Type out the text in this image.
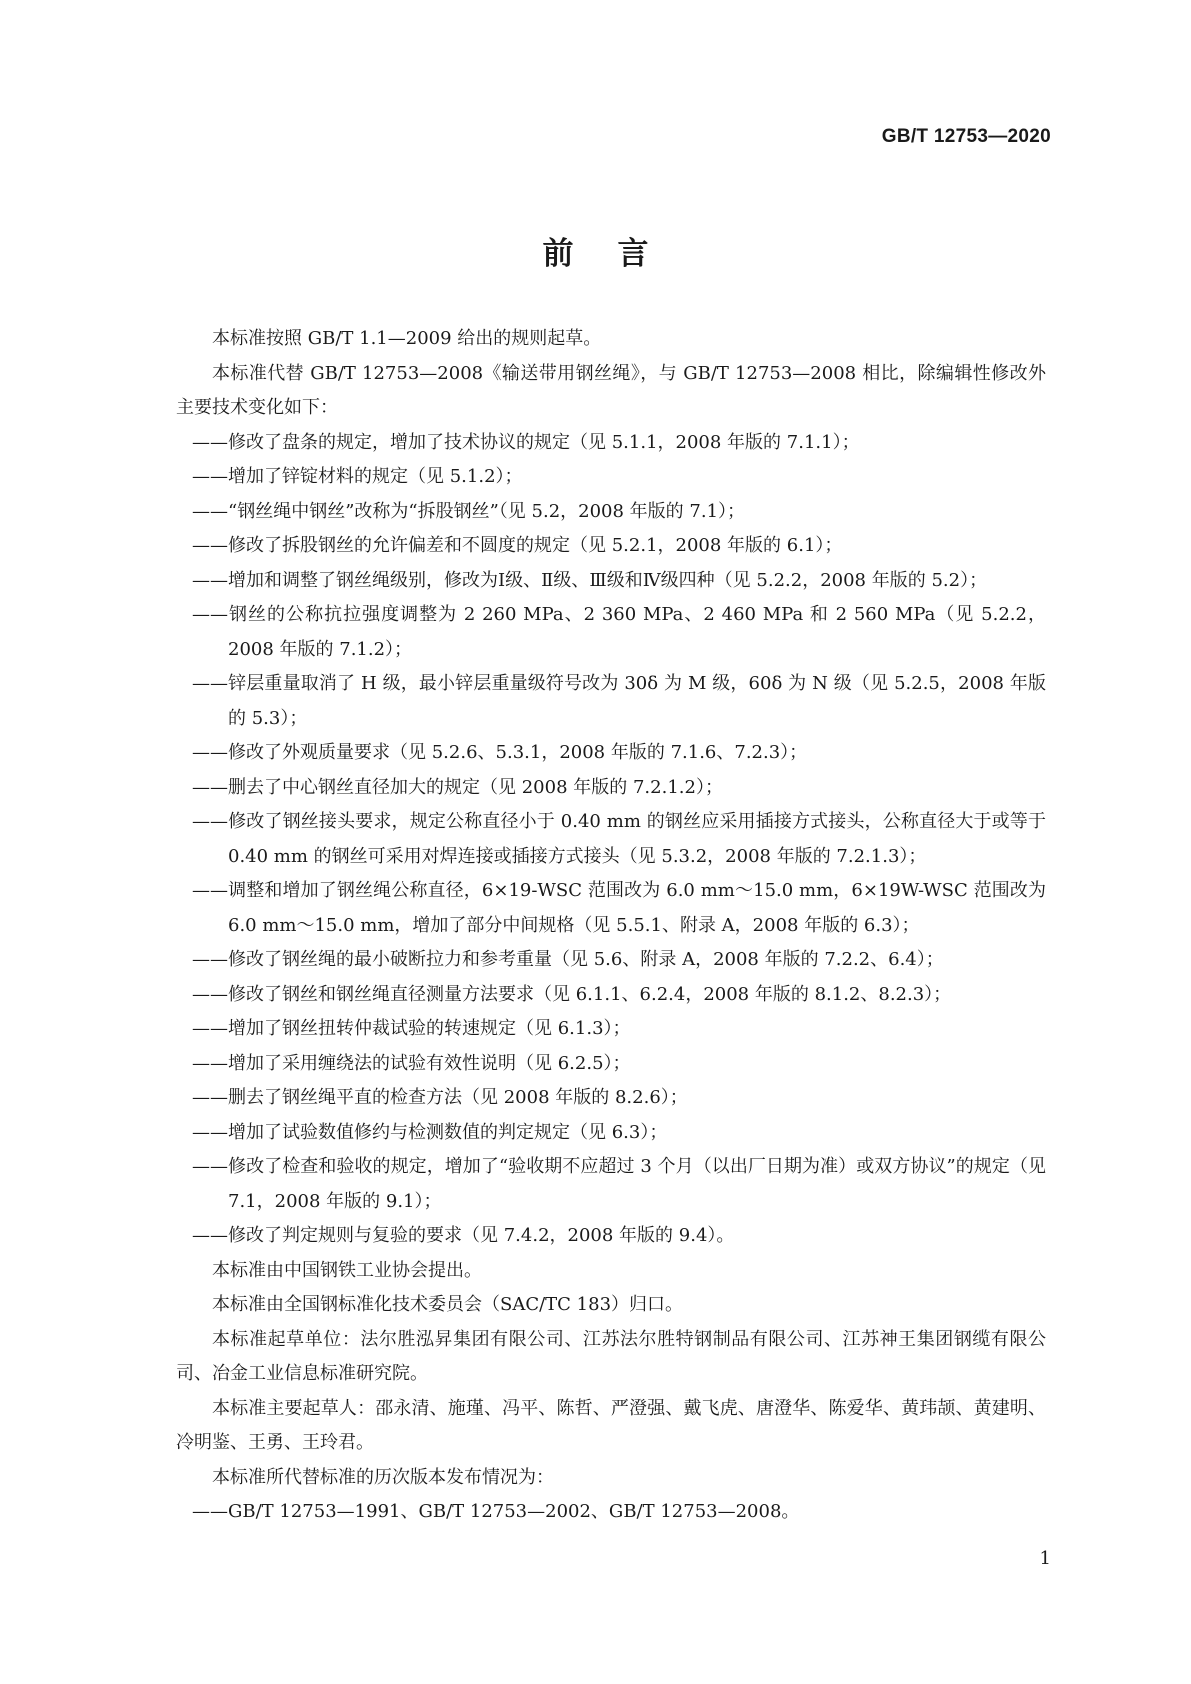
GB/T 12753—2020
前言

本标准按照 GB/T 1.1—2009 给出的规则起草。

本标准代替 GB/T 12753—2008《输送带用钢丝绳》，与 GB/T 12753—2008 相比，除编辑性修改外主要技术变化如下：

——修改了盘条的规定，增加了技术协议的规定（见 5.1.1，2008 年版的 7.1.1）；

——增加了锌锭材料的规定（见 5.1.2）；

——“钢丝绳中钢丝”改称为“拆股钢丝”（见 5.2，2008 年版的 7.1）；

——修改了拆股钢丝的允许偏差和不圆度的规定（见 5.2.1，2008 年版的 6.1）；

——增加和调整了钢丝绳级别，修改为Ⅰ级、Ⅱ级、Ⅲ级和Ⅳ级四种（见 5.2.2，2008 年版的 5.2）；

——钢丝的公称抗拉强度调整为 2 260 MPa、2 360 MPa、2 460 MPa 和 2 560 MPa（见 5.2.2，2008 年版的 7.1.2）；

——锌层重量取消了 H 级，最小锌层重量级符号改为 30δ 为 M 级，60δ 为 N 级（见 5.2.5，2008 年版的 5.3）；

——修改了外观质量要求（见 5.2.6、5.3.1，2008 年版的 7.1.6、7.2.3）；

——删去了中心钢丝直径加大的规定（见 2008 年版的 7.2.1.2）；

——修改了钢丝接头要求，规定公称直径小于 0.40 mm 的钢丝应采用插接方式接头，公称直径大于或等于 0.40 mm 的钢丝可采用对焊连接或插接方式接头（见 5.3.2，2008 年版的 7.2.1.3）；

——调整和增加了钢丝绳公称直径，6×19-WSC 范围改为 6.0 mm～15.0 mm，6×19W-WSC 范围改为 6.0 mm～15.0 mm，增加了部分中间规格（见 5.5.1、附录 A，2008 年版的 6.3）；

——修改了钢丝绳的最小破断拉力和参考重量（见 5.6、附录 A，2008 年版的 7.2.2、6.4）；

——修改了钢丝和钢丝绳直径测量方法要求（见 6.1.1、6.2.4，2008 年版的 8.1.2、8.2.3）；

——增加了钢丝扭转仲裁试验的转速规定（见 6.1.3）；

——增加了采用缠绕法的试验有效性说明（见 6.2.5）；

——删去了钢丝绳平直的检查方法（见 2008 年版的 8.2.6）；

——增加了试验数值修约与检测数值的判定规定（见 6.3）；

——修改了检查和验收的规定，增加了“验收期不应超过 3 个月（以出厂日期为准）或双方协议”的规定（见 7.1，2008 年版的 9.1）；

——修改了判定规则与复验的要求（见 7.4.2，2008 年版的 9.4）。

本标准由中国钢铁工业协会提出。

本标准由全国钢标准化技术委员会（SAC/TC 183）归口。

本标准起草单位：法尔胜泓昇集团有限公司、江苏法尔胜特钢制品有限公司、江苏神王集团钢缆有限公司、冶金工业信息标准研究院。

本标准主要起草人：邵永清、施瑾、冯平、陈哲、严澄强、戴飞虎、唐澄华、陈爱华、黄玮颉、黄建明、冷明鉴、王勇、王玲君。

本标准所代替标准的历次版本发布情况为：

——GB/T 12753—1991、GB/T 12753—2002、GB/T 12753—2008。

1
